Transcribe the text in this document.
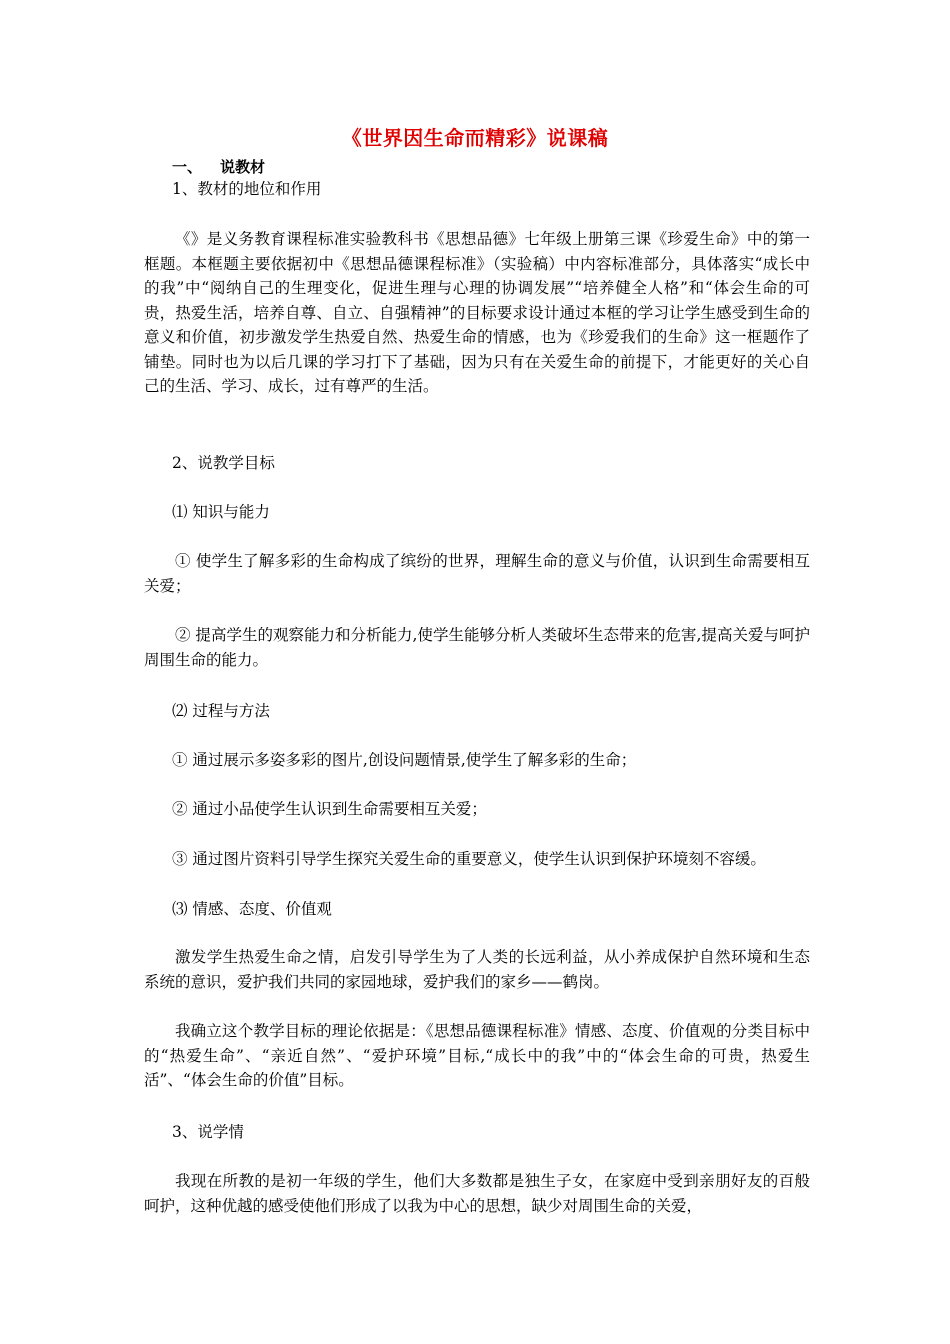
《世界因生命而精彩》说课稿
一、 说教材
1、教材的地位和作用

《》是义务教育课程标准实验教科书《思想品德》七年级上册第三课《珍爱生命》中的第一框题。本框题主要依据初中《思想品德课程标准》（实验稿）中内容标准部分，具体落实“成长中的我”中“阅纳自己的生理变化，促进生理与心理的协调发展”“培养健全人格”和“体会生命的可贵，热爱生活，培养自尊、自立、自强精神”的目标要求设计通过本框的学习让学生感受到生命的意义和价值，初步激发学生热爱自然、热爱生命的情感，也为《珍爱我们的生命》这一框题作了铺垫。同时也为以后几课的学习打下了基础，因为只有在关爱生命的前提下，才能更好的关心自己的生活、学习、成长，过有尊严的生活。

2、说教学目标
⑴ 知识与能力

① 使学生了解多彩的生命构成了缤纷的世界，理解生命的意义与价值，认识到生命需要相互关爱；

② 提高学生的观察能力和分析能力,使学生能够分析人类破坏生态带来的危害,提高关爱与呵护周围生命的能力。

⑵ 过程与方法
① 通过展示多姿多彩的图片,创设问题情景,使学生了解多彩的生命；
② 通过小品使学生认识到生命需要相互关爱；
③ 通过图片资料引导学生探究关爱生命的重要意义，使学生认识到保护环境刻不容缓。
⑶ 情感、态度、价值观

激发学生热爱生命之情，启发引导学生为了人类的长远利益，从小养成保护自然环境和生态系统的意识，爱护我们共同的家园地球，爱护我们的家乡——鹤岗。

我确立这个教学目标的理论依据是：《思想品德课程标准》情感、态度、价值观的分类目标中的“热爱生命”、“亲近自然”、“爱护环境”目标,“成长中的我”中的“体会生命的可贵，热爱生活”、“体会生命的价值”目标。

3、说学情

我现在所教的是初一年级的学生，他们大多数都是独生子女，在家庭中受到亲朋好友的百般呵护，这种优越的感受使他们形成了以我为中心的思想，缺少对周围生命的关爱，
